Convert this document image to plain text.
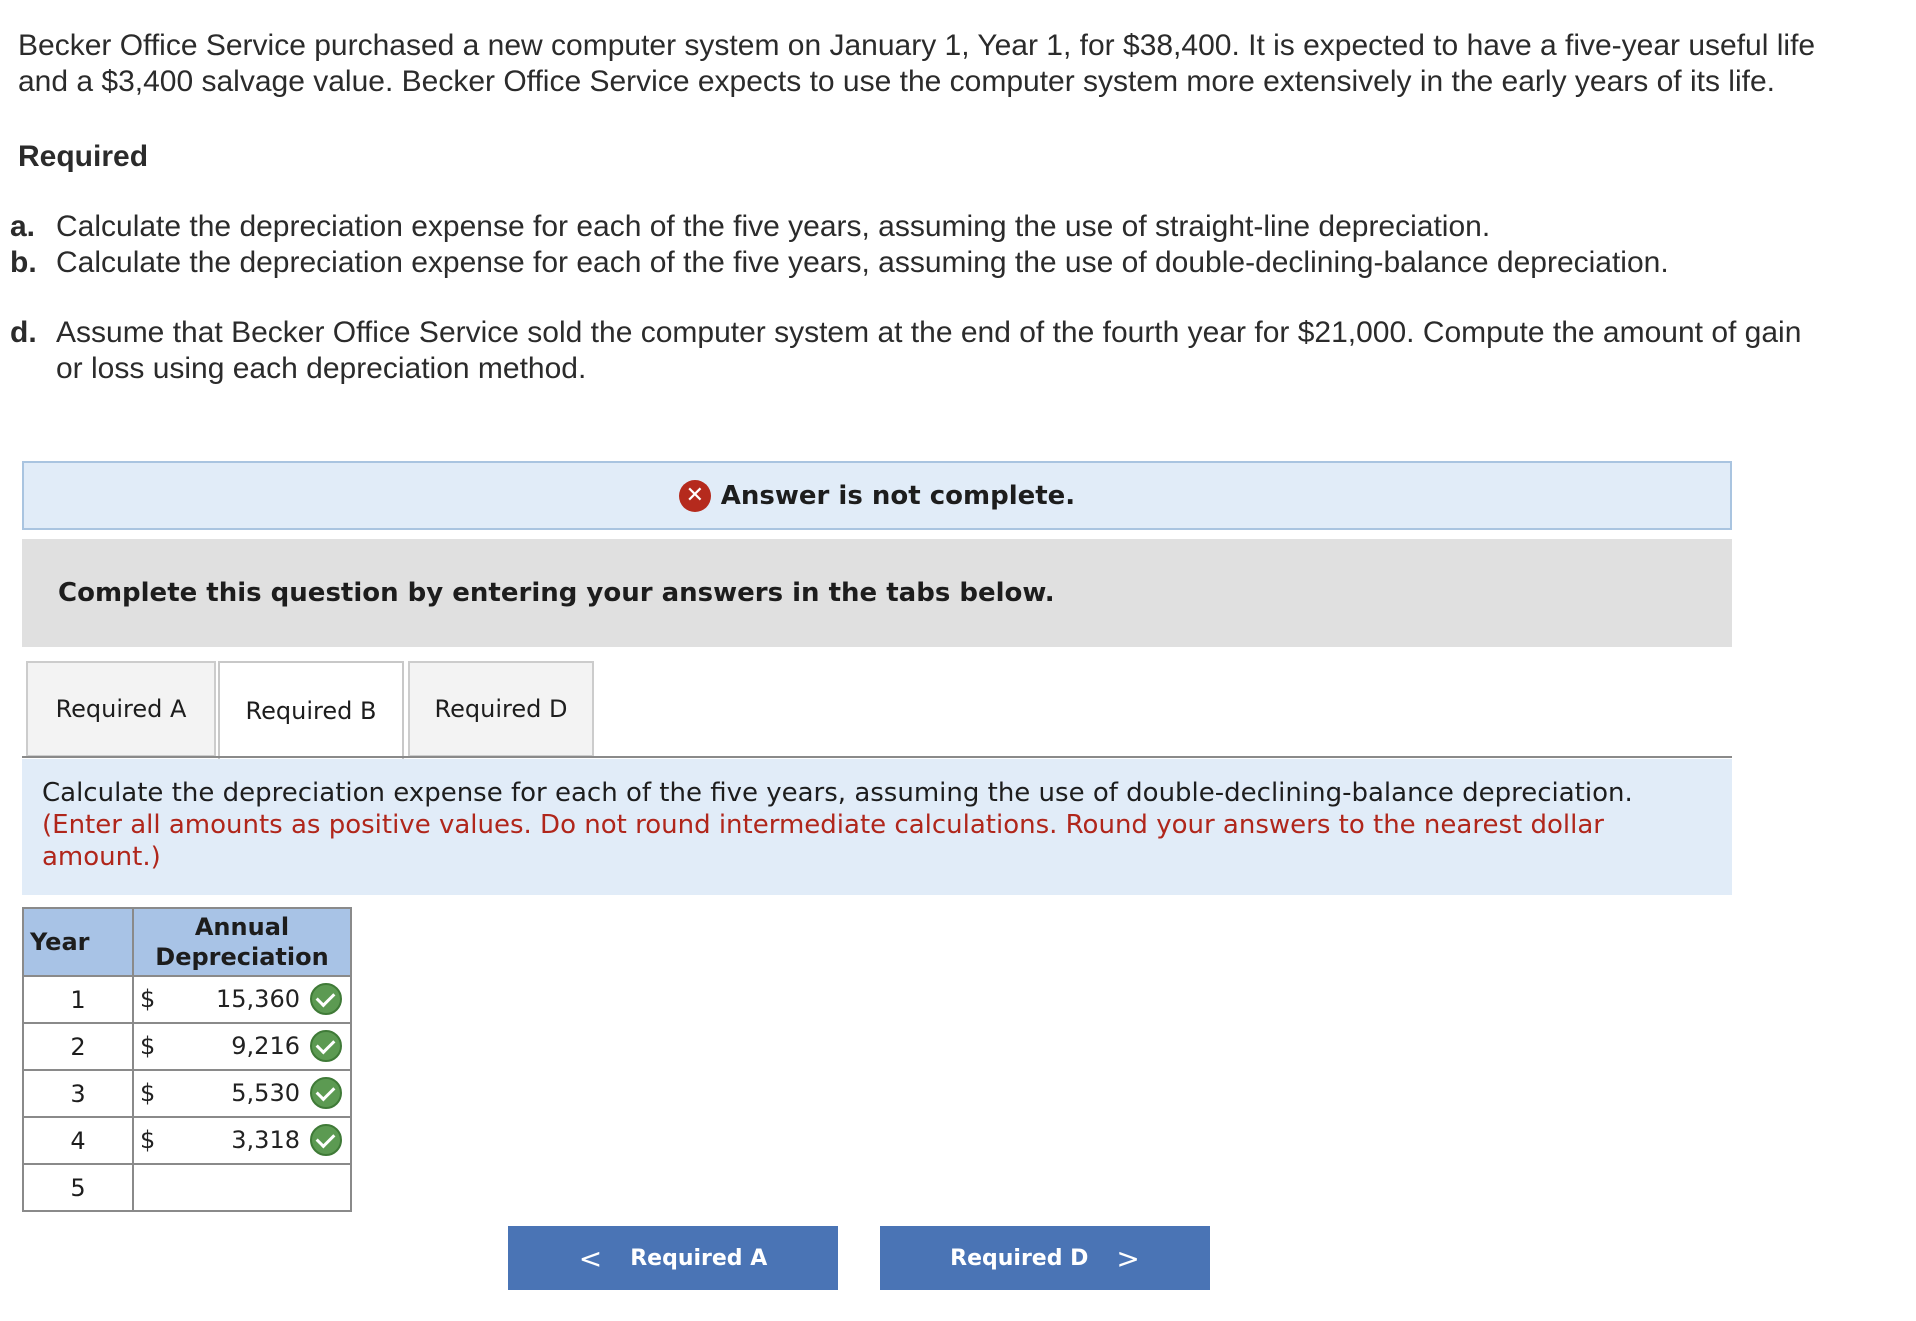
Becker Office Service purchased a new computer system on January 1, Year 1, for $38,400. It is expected to have a five-year useful life

and a $3,400 salvage value. Becker Office Service expects to use the computer system more extensively in the early years of its life.

Required
a. Calculate the depreciation expense for each of the five years, assuming the use of straight-line depreciation.
b. Calculate the depreciation expense for each of the five years, assuming the use of double-declining-balance depreciation.
d. Assume that Becker Office Service sold the computer system at the end of the fourth year for $21,000. Compute the amount of gain
or loss using each depreciation method.
✕ Answer is not complete.
Complete this question by entering your answers in the tabs below.
Required A	Required B	Required D
Calculate the depreciation expense for each of the five years, assuming the use of double-declining-balance depreciation.
(Enter all amounts as positive values. Do not round intermediate calculations. Round your answers to the nearest dollar
amount.)
Year	Annual
Depreciation
1	$ 15,360

2	$ 9,216

3	$ 5,530

4	$ 3,318

5	
< Required A	Required D >
